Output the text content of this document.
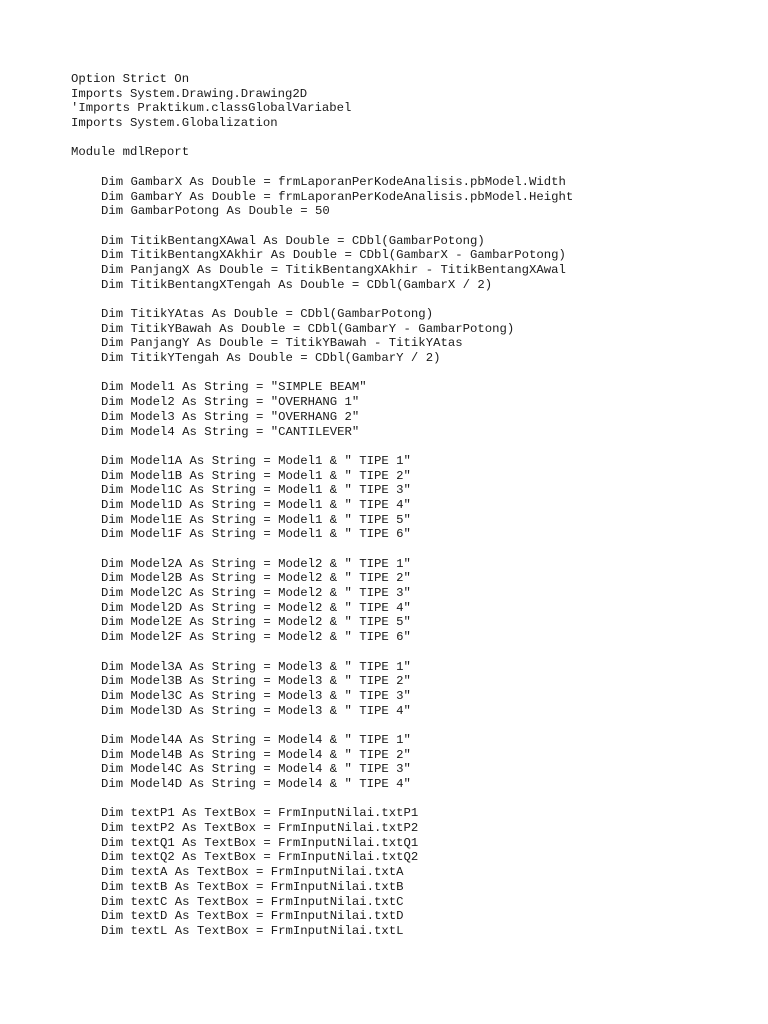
Option Strict On
Imports System.Drawing.Drawing2D
'Imports Praktikum.classGlobalVariabel
Imports System.Globalization
Module mdlReport
Dim GambarX As Double = frmLaporanPerKodeAnalisis.pbModel.Width
Dim GambarY As Double = frmLaporanPerKodeAnalisis.pbModel.Height
Dim GambarPotong As Double = 50
Dim TitikBentangXAwal As Double = CDbl(GambarPotong)
Dim TitikBentangXAkhir As Double = CDbl(GambarX - GambarPotong)
Dim PanjangX As Double = TitikBentangXAkhir - TitikBentangXAwal
Dim TitikBentangXTengah As Double = CDbl(GambarX / 2)
Dim TitikYAtas As Double = CDbl(GambarPotong)
Dim TitikYBawah As Double = CDbl(GambarY - GambarPotong)
Dim PanjangY As Double = TitikYBawah - TitikYAtas
Dim TitikYTengah As Double = CDbl(GambarY / 2)
Dim Model1 As String = "SIMPLE BEAM"
Dim Model2 As String = "OVERHANG 1"
Dim Model3 As String = "OVERHANG 2"
Dim Model4 As String = "CANTILEVER"
Dim Model1A As String = Model1 & " TIPE 1"
Dim Model1B As String = Model1 & " TIPE 2"
Dim Model1C As String = Model1 & " TIPE 3"
Dim Model1D As String = Model1 & " TIPE 4"
Dim Model1E As String = Model1 & " TIPE 5"
Dim Model1F As String = Model1 & " TIPE 6"
Dim Model2A As String = Model2 & " TIPE 1"
Dim Model2B As String = Model2 & " TIPE 2"
Dim Model2C As String = Model2 & " TIPE 3"
Dim Model2D As String = Model2 & " TIPE 4"
Dim Model2E As String = Model2 & " TIPE 5"
Dim Model2F As String = Model2 & " TIPE 6"
Dim Model3A As String = Model3 & " TIPE 1"
Dim Model3B As String = Model3 & " TIPE 2"
Dim Model3C As String = Model3 & " TIPE 3"
Dim Model3D As String = Model3 & " TIPE 4"
Dim Model4A As String = Model4 & " TIPE 1"
Dim Model4B As String = Model4 & " TIPE 2"
Dim Model4C As String = Model4 & " TIPE 3"
Dim Model4D As String = Model4 & " TIPE 4"
Dim textP1 As TextBox = FrmInputNilai.txtP1
Dim textP2 As TextBox = FrmInputNilai.txtP2
Dim textQ1 As TextBox = FrmInputNilai.txtQ1
Dim textQ2 As TextBox = FrmInputNilai.txtQ2
Dim textA As TextBox = FrmInputNilai.txtA
Dim textB As TextBox = FrmInputNilai.txtB
Dim textC As TextBox = FrmInputNilai.txtC
Dim textD As TextBox = FrmInputNilai.txtD
Dim textL As TextBox = FrmInputNilai.txtL
